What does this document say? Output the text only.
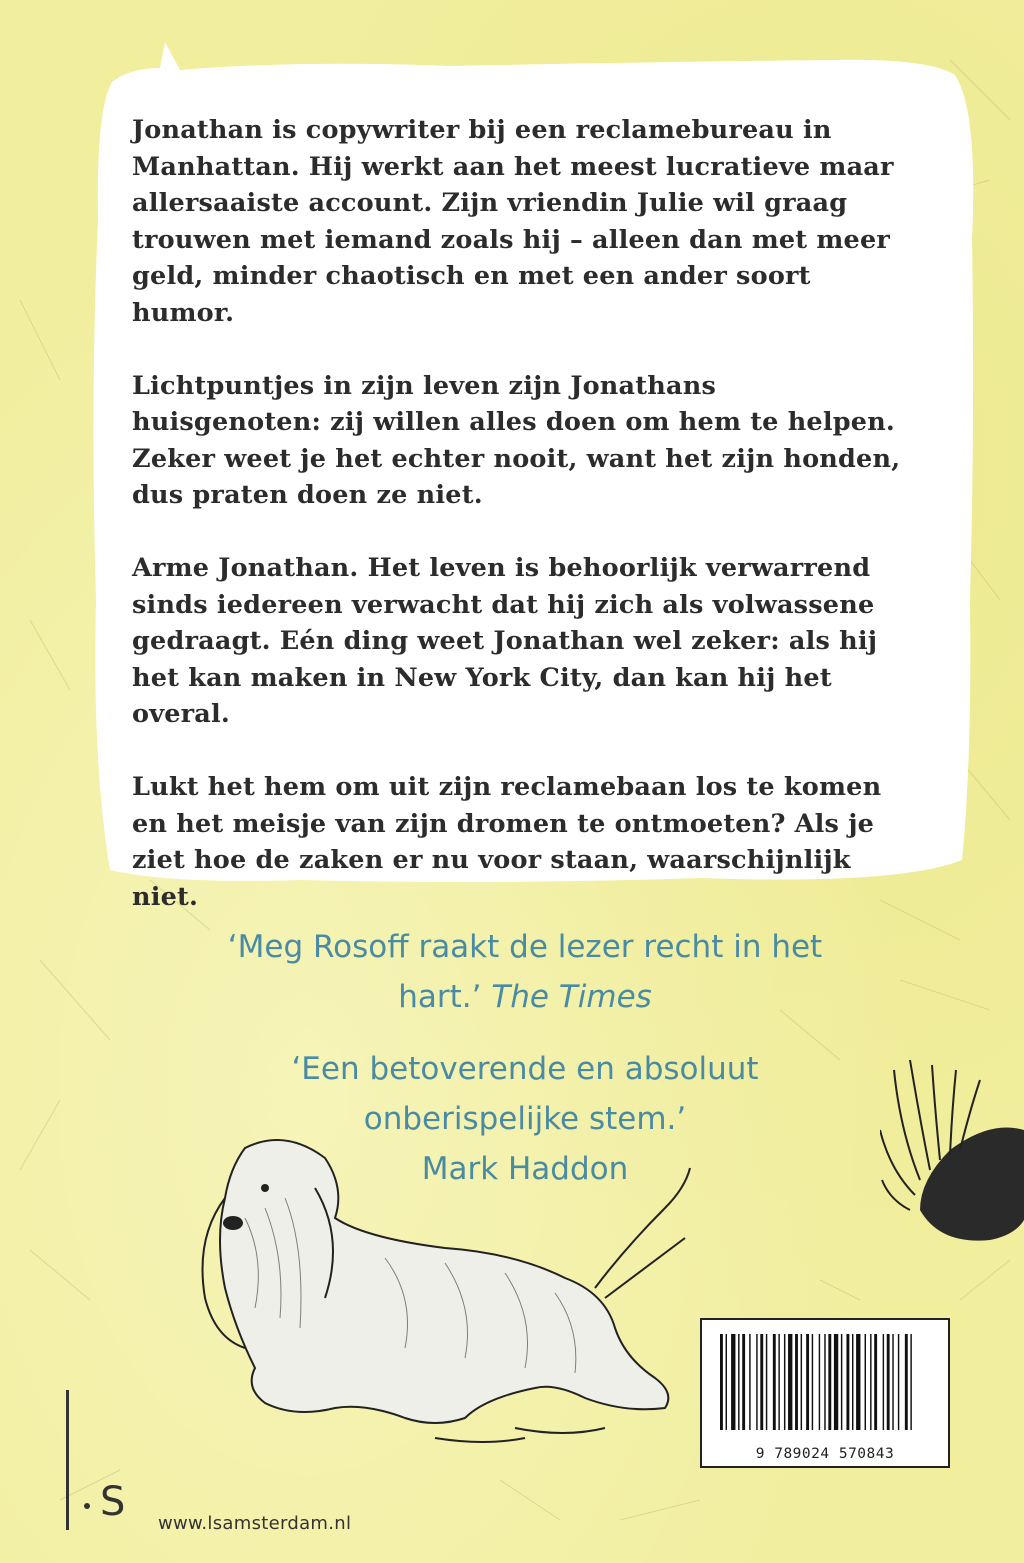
Jonathan is copywriter bij een reclamebureau in Manhattan. Hij werkt aan het meest lucratieve maar allersaaiste account. Zijn vriendin Julie wil graag trouwen met iemand zoals hij – alleen dan met meer geld, minder chaotisch en met een ander soort humor.

Lichtpuntjes in zijn leven zijn Jonathans huisgenoten: zij willen alles doen om hem te helpen. Zeker weet je het echter nooit, want het zijn honden, dus praten doen ze niet.

Arme Jonathan. Het leven is behoorlijk verwarrend sinds iedereen verwacht dat hij zich als volwassene gedraagt. Eén ding weet Jonathan wel zeker: als hij het kan maken in New York City, dan kan hij het overal.

Lukt het hem om uit zijn reclamebaan los te komen en het meisje van zijn dromen te ontmoeten? Als je ziet hoe de zaken er nu voor staan, waarschijnlijk niet.

‘Meg Rosoff raakt de lezer recht in het hart.’ The Times

‘Een betoverende en absoluut onberispelijke stem.’
Mark Haddon

9 789024 570843
S www.lsamsterdam.nl
